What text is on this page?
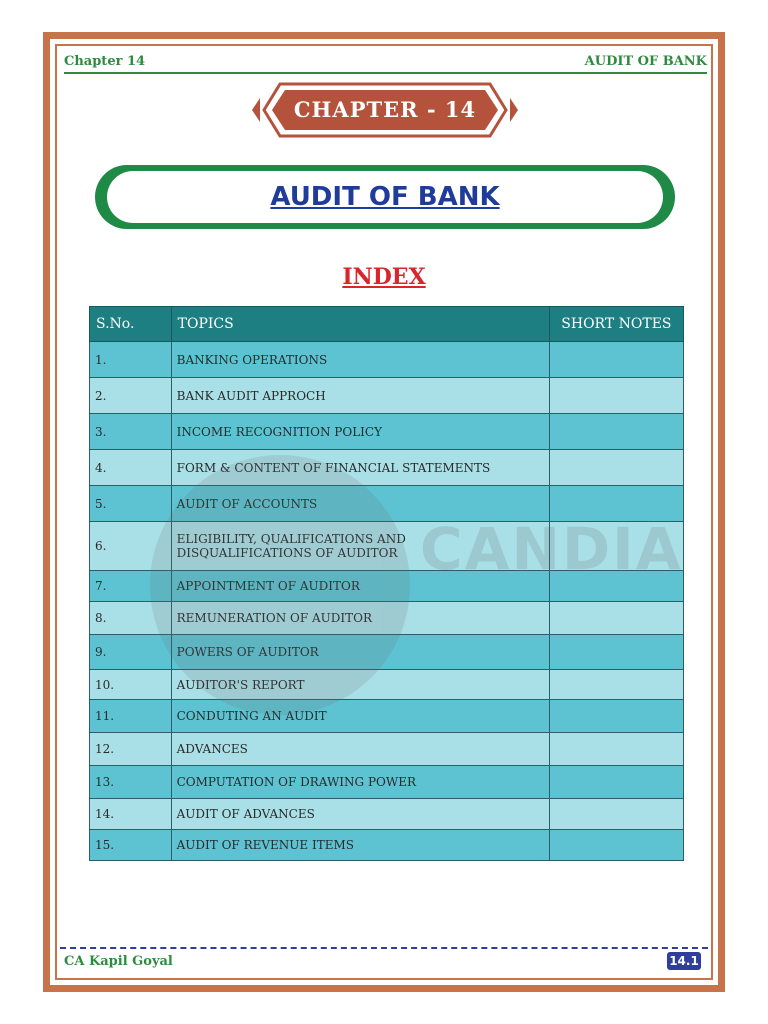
Chapter 14	AUDIT OF BANK
CHAPTER - 14
AUDIT OF BANK
INDEX
S.No.	TOPICS	SHORT NOTES
1.	BANKING OPERATIONS	
2.	BANK AUDIT APPROCH	
3.	INCOME RECOGNITION POLICY	
4.	FORM & CONTENT OF FINANCIAL STATEMENTS	
5.	AUDIT OF ACCOUNTS	
6.	ELIGIBILITY, QUALIFICATIONS AND DISQUALIFICATIONS OF AUDITOR	
7.	APPOINTMENT OF AUDITOR	
8.	REMUNERATION OF AUDITOR	
9.	POWERS OF AUDITOR	
10.	AUDITOR'S REPORT	
11.	CONDUTING AN AUDIT	
12.	ADVANCES	
13.	COMPUTATION OF DRAWING POWER	
14.	AUDIT OF ADVANCES	
15.	AUDIT OF REVENUE ITEMS	
CA Kapil Goyal	14.1
